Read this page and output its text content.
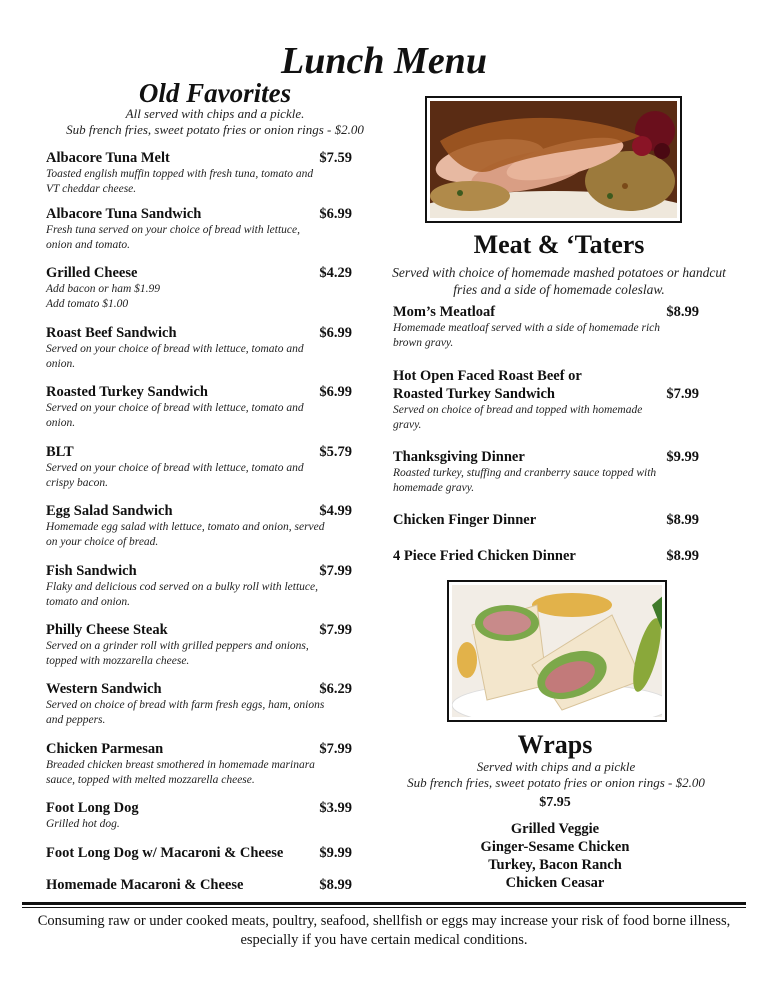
Lunch Menu
Old Favorites
All served with chips and a pickle.
Sub french fries, sweet potato fries or onion rings - $2.00
Albacore Tuna Melt	$7.59
Toasted english muffin topped with fresh tuna, tomato and VT cheddar cheese.
Albacore Tuna Sandwich	$6.99
Fresh tuna served on your choice of bread with lettuce, onion and tomato.
Grilled Cheese	$4.29
Add bacon or ham $1.99
Add tomato $1.00
Roast Beef Sandwich	$6.99
Served on your choice of bread with lettuce, tomato and onion.
Roasted Turkey Sandwich	$6.99
Served on your choice of bread with lettuce, tomato and onion.
BLT	$5.79
Served on your choice of bread with lettuce, tomato and crispy bacon.
Egg Salad Sandwich	$4.99
Homemade egg salad with lettuce, tomato and onion, served on your choice of bread.
Fish Sandwich	$7.99
Flaky and delicious cod served on a bulky roll with lettuce, tomato and onion.
Philly Cheese Steak	$7.99
Served on a grinder roll with grilled peppers and onions, topped with mozzarella cheese.
Western Sandwich	$6.29
Served on choice of bread with farm fresh eggs, ham, onions and peppers.
Chicken Parmesan	$7.99
Breaded chicken breast smothered in homemade marinara sauce, topped with melted mozzarella cheese.
Foot Long Dog	$3.99
Grilled hot dog.
Foot Long Dog w/ Macaroni & Cheese $9.99
Homemade Macaroni & Cheese	$8.99
Meat & ‘Taters
Served with choice of homemade mashed potatoes or handcut fries and a side of homemade coleslaw.
Mom’s Meatloaf	$8.99
Homemade meatloaf served with a side of homemade rich brown gravy.
Hot Open Faced Roast Beef or
Roasted Turkey Sandwich	$7.99
Served on choice of bread and topped with homemade gravy.
Thanksgiving Dinner	$9.99
Roasted turkey, stuffing and cranberry sauce topped with homemade gravy.
Chicken Finger Dinner	$8.99
4 Piece Fried Chicken Dinner	$8.99
Wraps
Served with chips and a pickle
Sub french fries, sweet potato fries or onion rings - $2.00
$7.95
Grilled Veggie
Ginger-Sesame Chicken
Turkey, Bacon Ranch
Chicken Ceasar
Consuming raw or under cooked meats, poultry, seafood, shellfish or eggs may increase your risk of food borne illness, especially if you have certain medical conditions.
